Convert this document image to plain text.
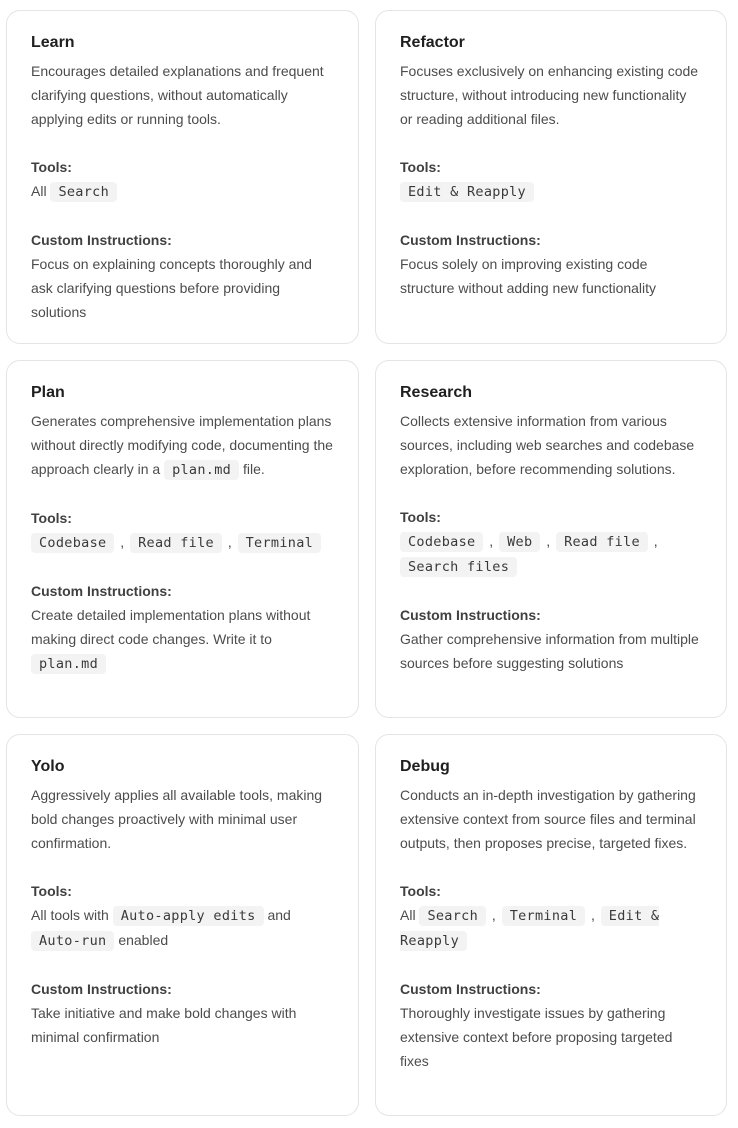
Learn
Encourages detailed explanations and frequent clarifying questions, without automatically applying edits or running tools.
Tools:
All Search
Custom Instructions:
Focus on explaining concepts thoroughly and ask clarifying questions before providing solutions
Refactor
Focuses exclusively on enhancing existing code structure, without introducing new functionality or reading additional files.
Tools:
Edit & Reapply
Custom Instructions:
Focus solely on improving existing code structure without adding new functionality
Plan
Generates comprehensive implementation plans without directly modifying code, documenting the approach clearly in a plan.md file.
Tools:
Codebase , Read file , Terminal
Custom Instructions:
Create detailed implementation plans without making direct code changes. Write it to plan.md
Research
Collects extensive information from various sources, including web searches and codebase exploration, before recommending solutions.
Tools:
Codebase , Web , Read file , Search files
Custom Instructions:
Gather comprehensive information from multiple sources before suggesting solutions
Yolo
Aggressively applies all available tools, making bold changes proactively with minimal user confirmation.
Tools:
All tools with Auto-apply edits and Auto-run enabled
Custom Instructions:
Take initiative and make bold changes with minimal confirmation
Debug
Conducts an in-depth investigation by gathering extensive context from source files and terminal outputs, then proposes precise, targeted fixes.
Tools:
All Search , Terminal , Edit & Reapply
Custom Instructions:
Thoroughly investigate issues by gathering extensive context before proposing targeted fixes
